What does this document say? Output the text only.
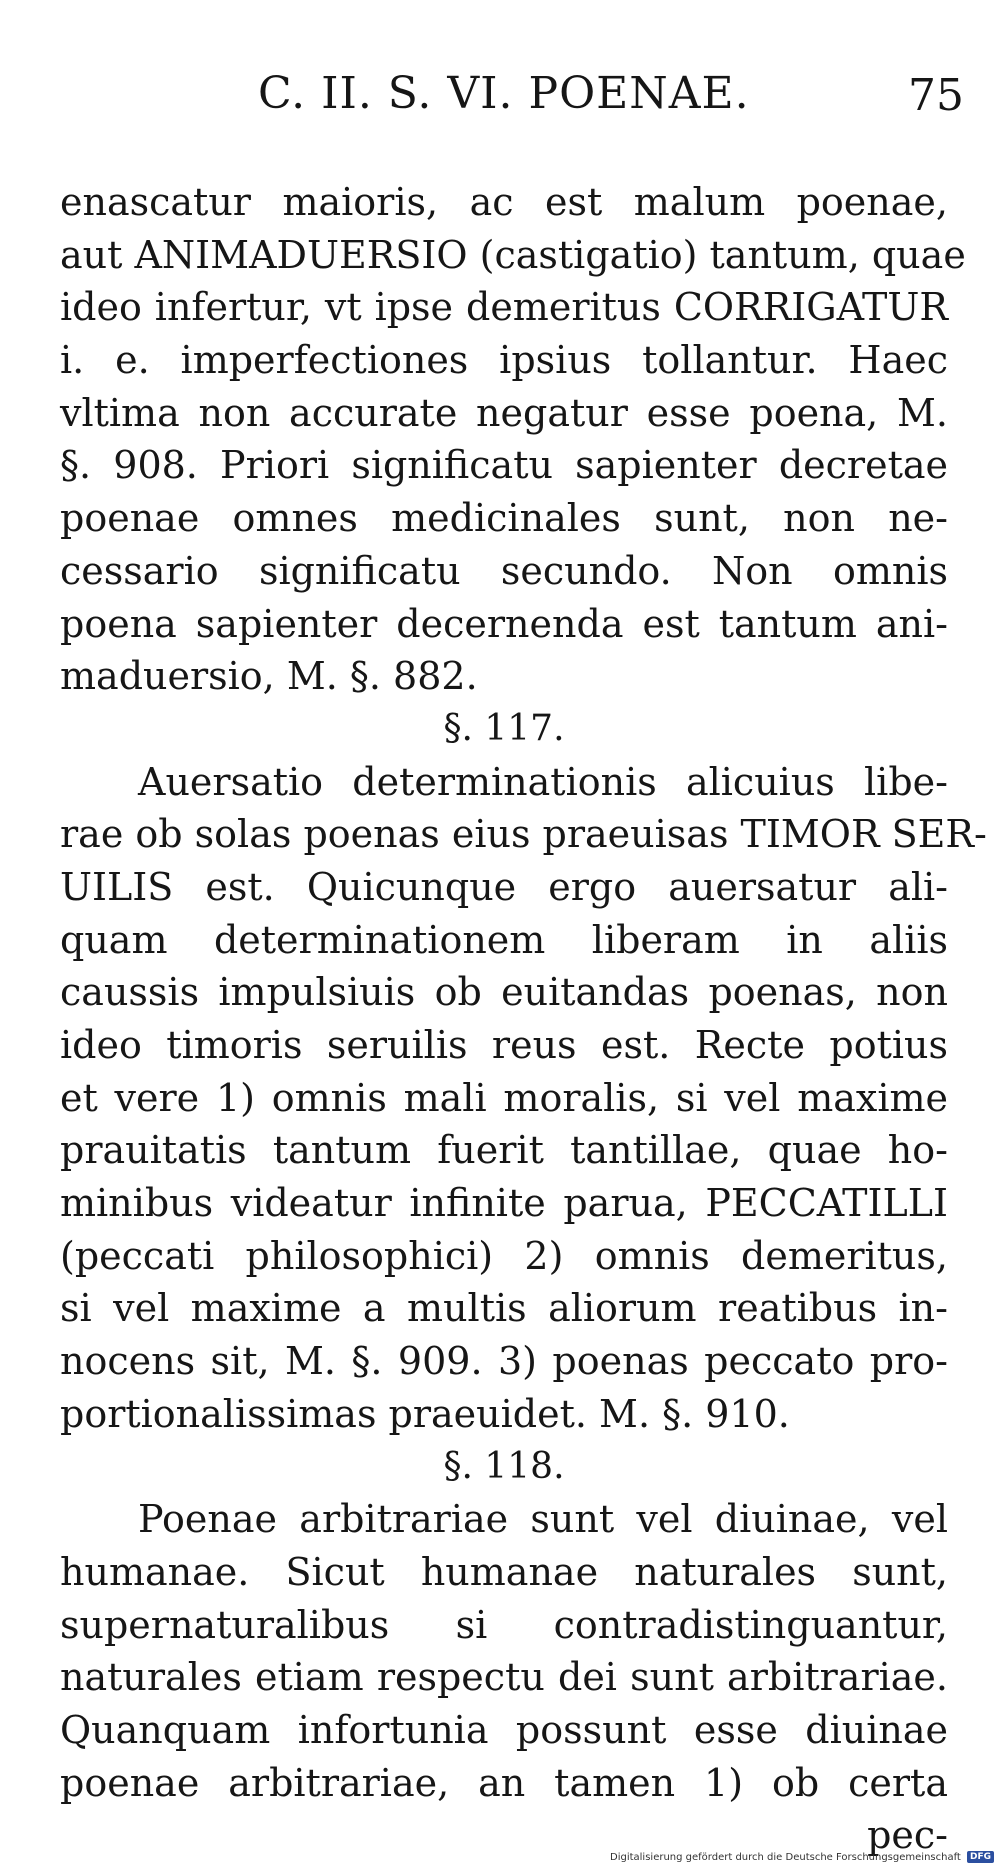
C. II. S. VI. POENAE.	75
enascatur maioris, ac est malum poenae,
aut ANIMADUERSIO (castigatio) tantum, quae
ideo infertur, vt ipse demeritus CORRIGATUR
i. e. imperfectiones ipsius tollantur. Haec
vltima non accurate negatur esse poena, M.
§. 908. Priori significatu sapienter decretae
poenae omnes medicinales sunt, non ne-
cessario significatu secundo. Non omnis
poena sapienter decernenda est tantum ani-
maduersio, M. §. 882.
§. 117.
Auersatio determinationis alicuius libe-
rae ob solas poenas eius praeuisas TIMOR SER-
UILIS est. Quicunque ergo auersatur ali-
quam determinationem liberam in aliis
caussis impulsiuis ob euitandas poenas, non
ideo timoris seruilis reus est. Recte potius
et vere 1) omnis mali moralis, si vel maxime
prauitatis tantum fuerit tantillae, quae ho-
minibus videatur infinite parua, PECCATILLI
(peccati philosophici) 2) omnis demeritus,
si vel maxime a multis aliorum reatibus in-
nocens sit, M. §. 909. 3) poenas peccato pro-
portionalissimas praeuidet. M. §. 910.
§. 118.
Poenae arbitrariae sunt vel diuinae, vel
humanae. Sicut humanae naturales sunt,
supernaturalibus si contradistinguantur,
naturales etiam respectu dei sunt arbitrariae.
Quanquam infortunia possunt esse diuinae
poenae arbitrariae, an tamen 1) ob certa
pec-
Digitalisierung gefördert durch die Deutsche Forschungsgemeinschaft DFG
